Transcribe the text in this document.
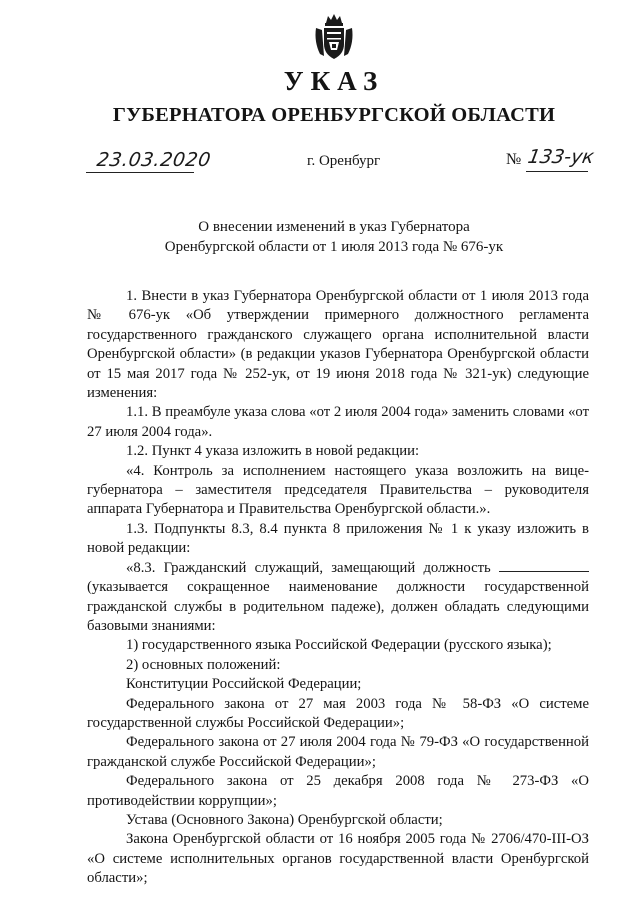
УКАЗ
ГУБЕРНАТОРА ОРЕНБУРГСКОЙ ОБЛАСТИ
23.03.2020	г. Оренбург	№ 133-ук
О внесении изменений в указ Губернатора
Оренбургской области от 1 июля 2013 года № 676-ук

1. Внести в указ Губернатора Оренбургской области от 1 июля 2013 года № 676-ук «Об утверждении примерного должностного регламента государственного гражданского служащего органа исполнительной власти Оренбургской области» (в редакции указов Губернатора Оренбургской области от 15 мая 2017 года № 252-ук, от 19 июня 2018 года № 321-ук) следующие изменения:

1.1. В преамбуле указа слова «от 2 июля 2004 года» заменить словами «от 27 июля 2004 года».

1.2. Пункт 4 указа изложить в новой редакции:

«4. Контроль за исполнением настоящего указа возложить на вице-губернатора – заместителя председателя Правительства – руководителя аппарата Губернатора и Правительства Оренбургской области.».

1.3. Подпункты 8.3, 8.4 пункта 8 приложения № 1 к указу изложить в новой редакции:

«8.3. Гражданский служащий, замещающий должность  (указывается сокращенное наименование должности государственной гражданской службы в родительном падеже), должен обладать следующими базовыми знаниями:

1) государственного языка Российской Федерации (русского языка);

2) основных положений:

Конституции Российской Федерации;

Федерального закона от 27 мая 2003 года № 58-ФЗ «О системе государственной службы Российской Федерации»;

Федерального закона от 27 июля 2004 года № 79-ФЗ «О государственной гражданской службе Российской Федерации»;

Федерального закона от 25 декабря 2008 года № 273-ФЗ «О противодействии коррупции»;

Устава (Основного Закона) Оренбургской области;

Закона Оренбургской области от 16 ноября 2005 года № 2706/470-III-ОЗ «О системе исполнительных органов государственной власти Оренбургской области»;
